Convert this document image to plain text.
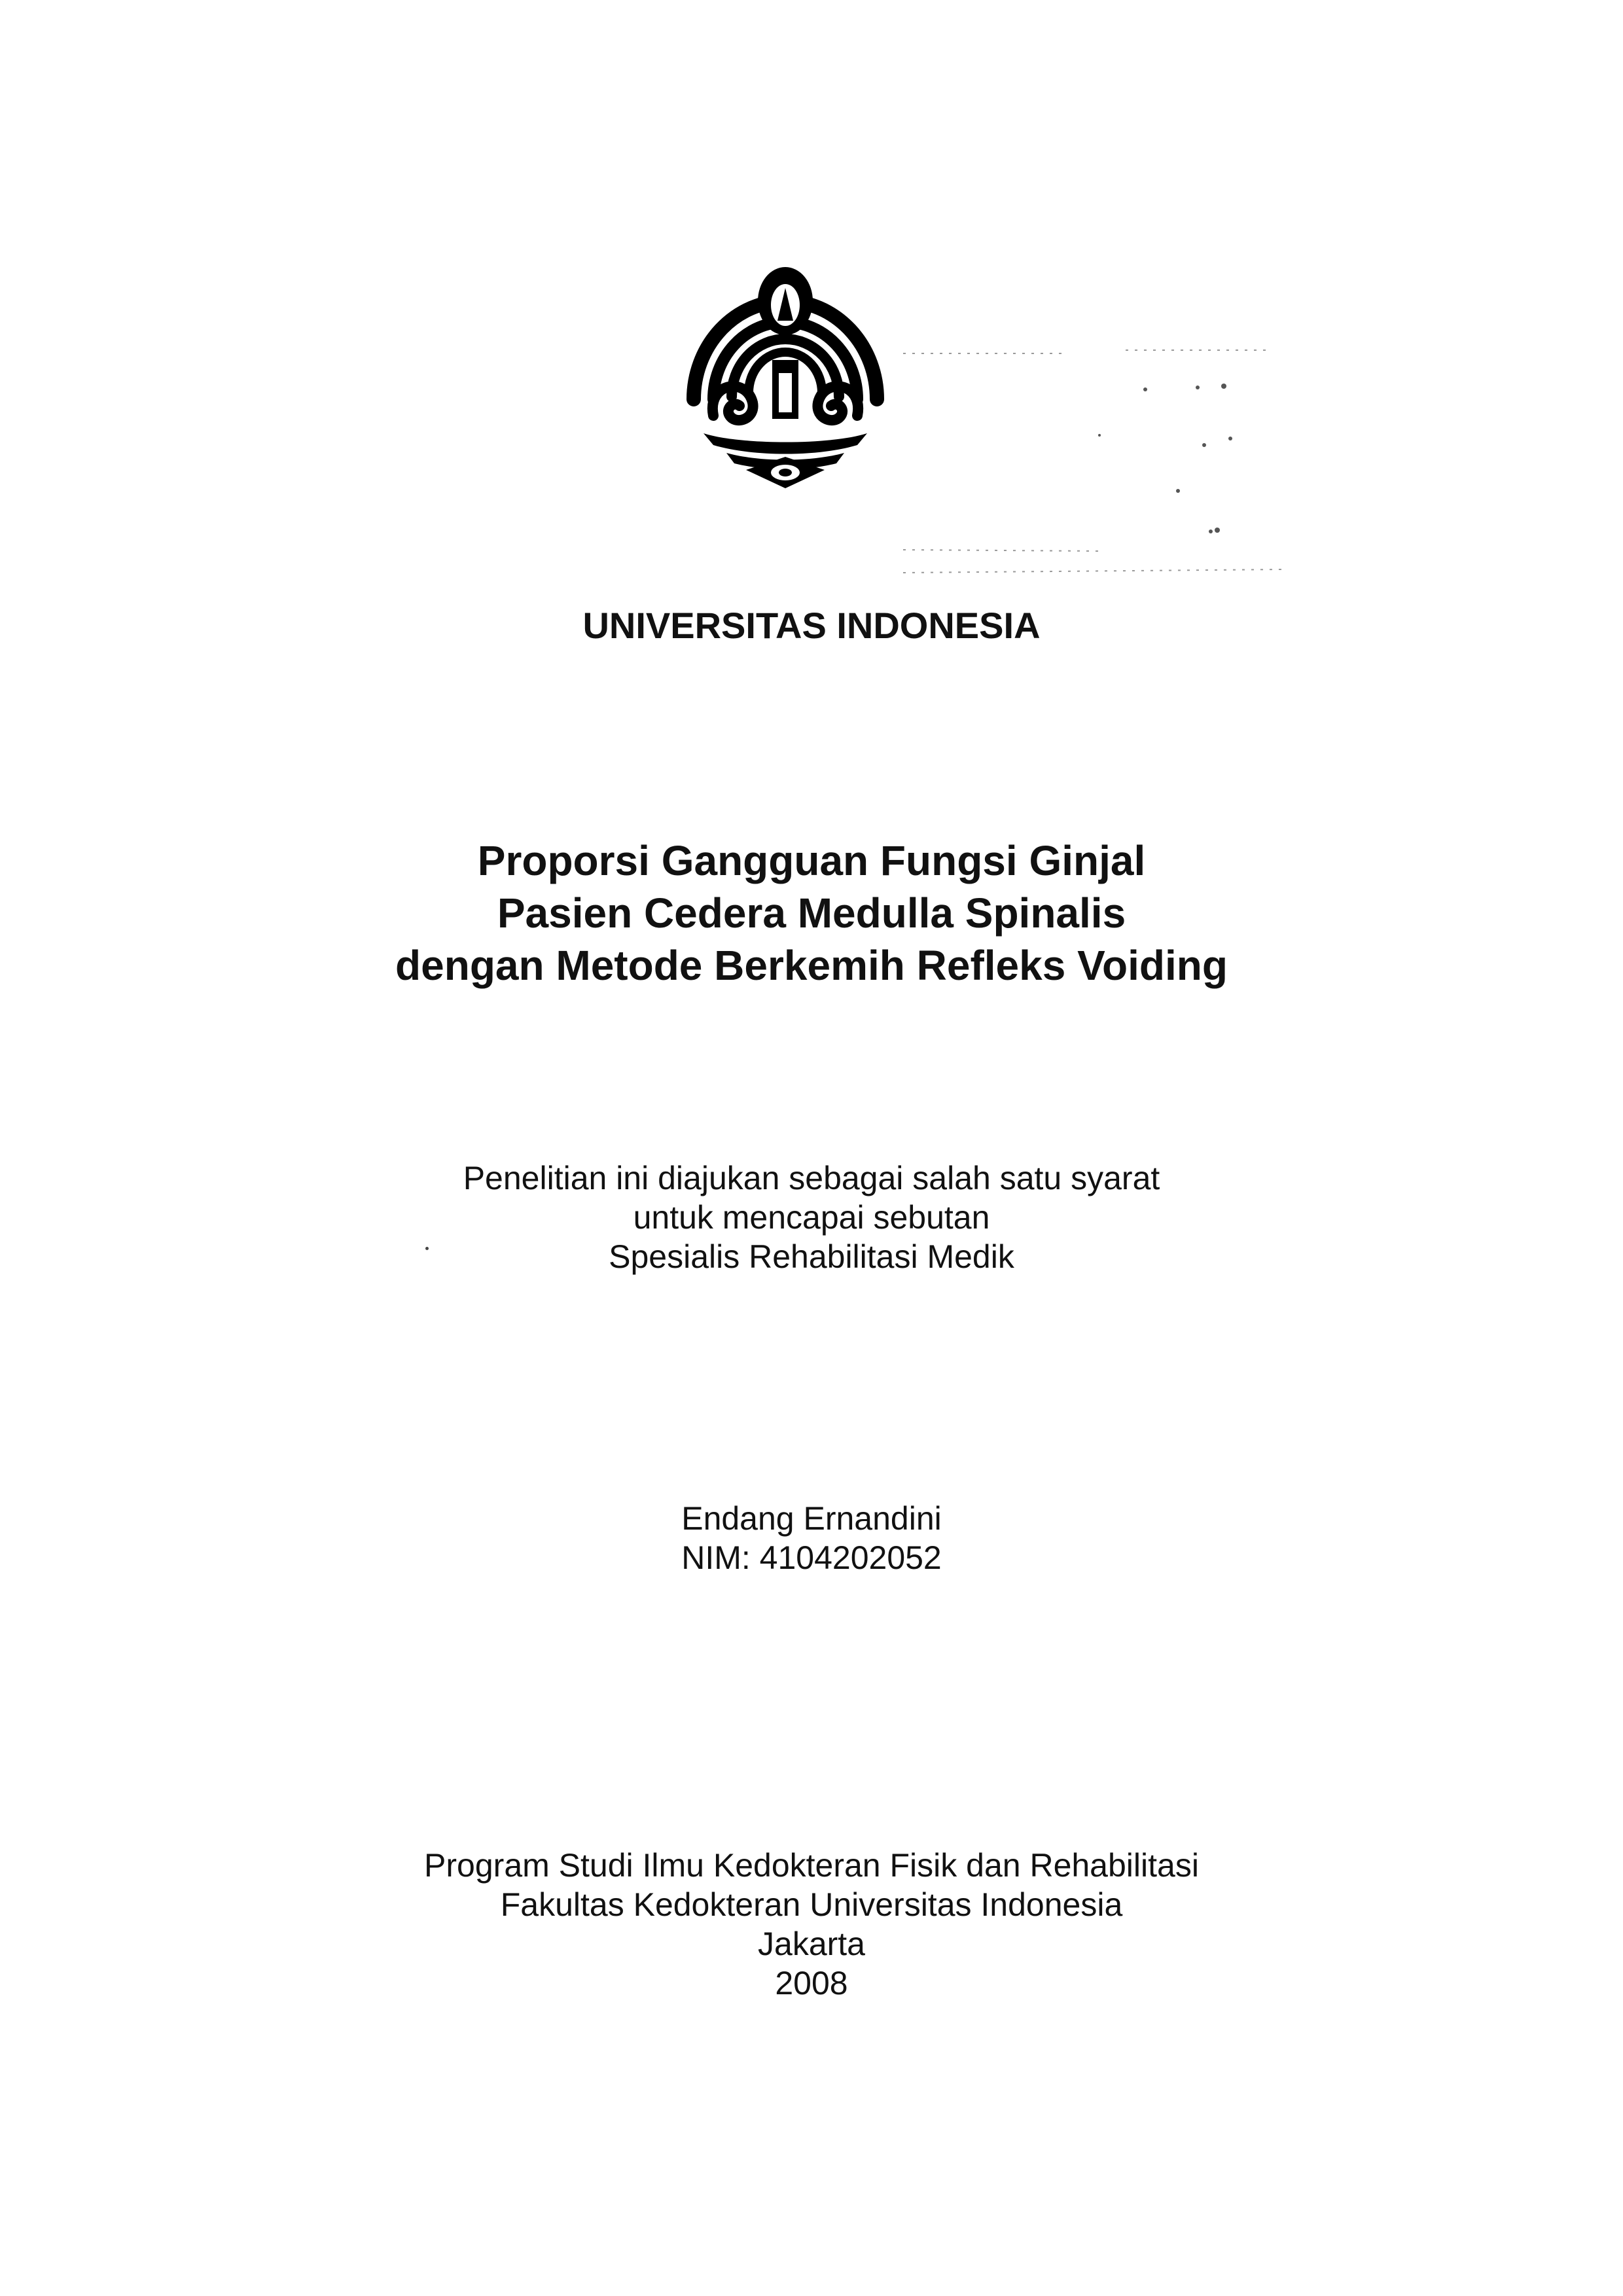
UNIVERSITAS INDONESIA
Proporsi Gangguan Fungsi Ginjal
Pasien Cedera Medulla Spinalis
dengan Metode Berkemih Refleks Voiding
Penelitian ini diajukan sebagai salah satu syarat
untuk mencapai sebutan
Spesialis Rehabilitasi Medik
Endang Ernandini
NIM: 4104202052
Program Studi Ilmu Kedokteran Fisik dan Rehabilitasi
Fakultas Kedokteran Universitas Indonesia
Jakarta
2008
